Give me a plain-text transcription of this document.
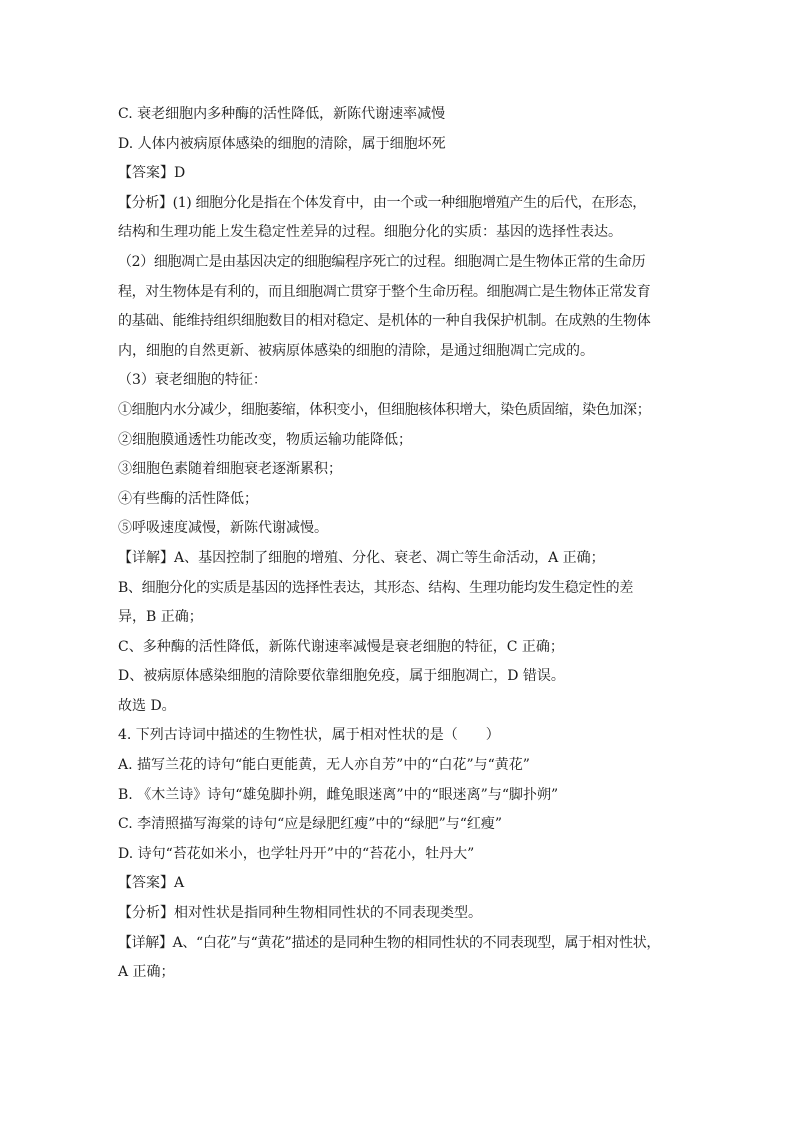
C. 衰老细胞内多种酶的活性降低，新陈代谢速率减慢

D. 人体内被病原体感染的细胞的清除，属于细胞坏死

【答案】D

【分析】(1) 细胞分化是指在个体发育中，由一个或一种细胞增殖产生的后代，在形态，

结构和生理功能上发生稳定性差异的过程。细胞分化的实质：基因的选择性表达。

（2）细胞凋亡是由基因决定的细胞编程序死亡的过程。细胞凋亡是生物体正常的生命历

程，对生物体是有利的，而且细胞凋亡贯穿于整个生命历程。细胞凋亡是生物体正常发育

的基础、能维持组织细胞数目的相对稳定、是机体的一种自我保护机制。在成熟的生物体

内，细胞的自然更新、被病原体感染的细胞的清除，是通过细胞凋亡完成的。

（3）衰老细胞的特征：

①细胞内水分减少，细胞萎缩，体积变小，但细胞核体积增大，染色质固缩，染色加深；

②细胞膜通透性功能改变，物质运输功能降低；

③细胞色素随着细胞衰老逐渐累积；

④有些酶的活性降低；

⑤呼吸速度减慢，新陈代谢减慢。

【详解】A、基因控制了细胞的增殖、分化、衰老、凋亡等生命活动，A 正确；

B、细胞分化的实质是基因的选择性表达，其形态、结构、生理功能均发生稳定性的差

异，B 正确；

C、多种酶的活性降低，新陈代谢速率减慢是衰老细胞的特征，C 正确；

D、被病原体感染细胞的清除要依靠细胞免疫，属于细胞凋亡，D 错误。

故选 D。

4. 下列古诗词中描述的生物性状，属于相对性状的是（　　）

A. 描写兰花的诗句“能白更能黄，无人亦自芳”中的“白花”与“黄花”

B. 《木兰诗》诗句“雄兔脚扑朔，雌兔眼迷离”中的“眼迷离”与“脚扑朔”

C. 李清照描写海棠的诗句“应是绿肥红瘦”中的“绿肥”与“红瘦”

D. 诗句“苔花如米小，也学牡丹开”中的“苔花小，牡丹大”

【答案】A

【分析】相对性状是指同种生物相同性状的不同表现类型。

【详解】A、“白花”与“黄花”描述的是同种生物的相同性状的不同表现型，属于相对性状，

A 正确；
